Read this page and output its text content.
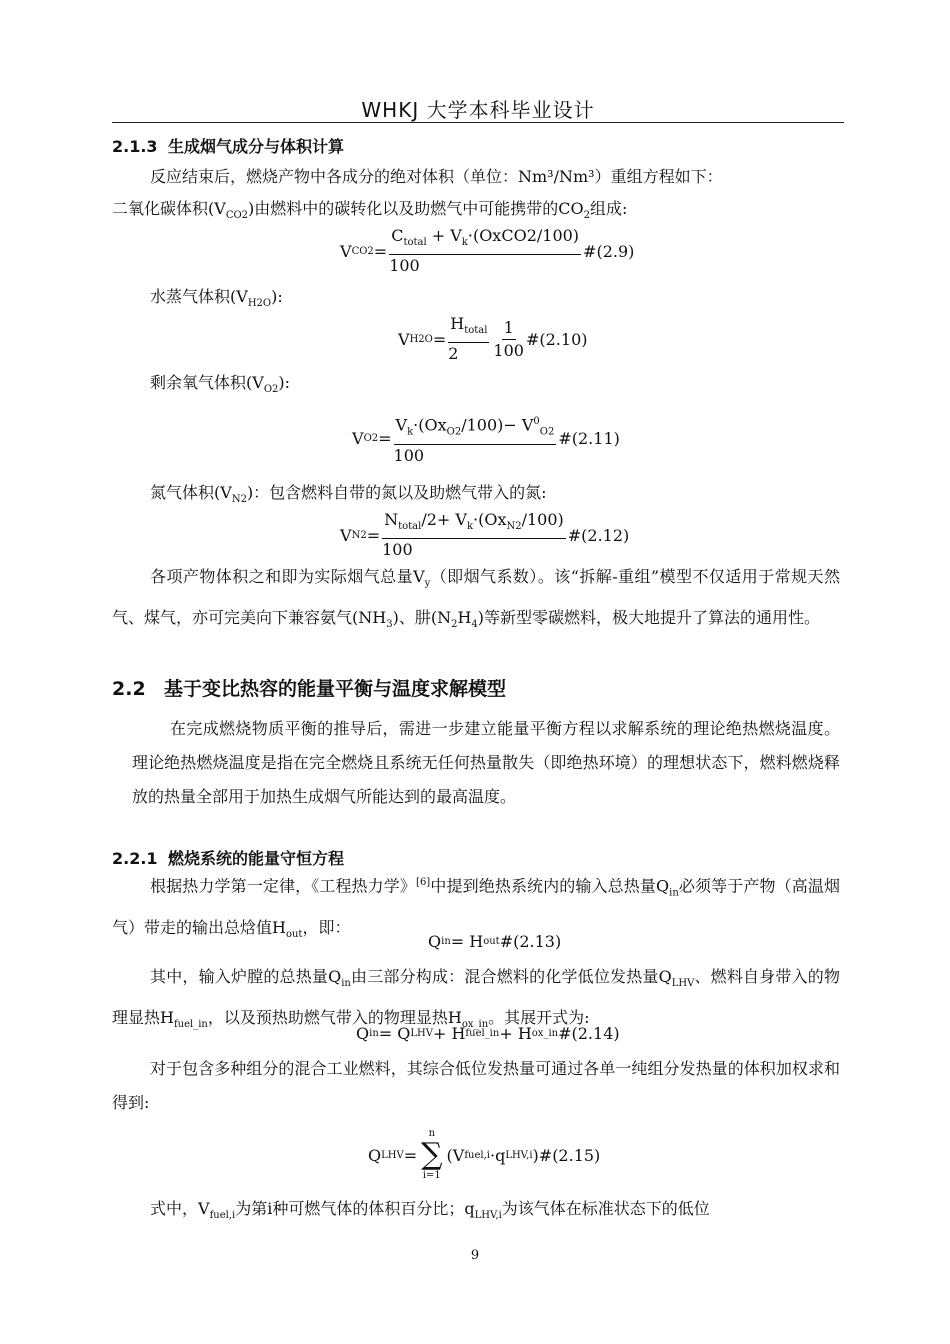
WHKJ 大学本科毕业设计
2.1.3 生成烟气成分与体积计算
反应结束后，燃烧产物中各成分的绝对体积（单位：Nm³/Nm³）重组方程如下：
二氧化碳体积$(V_{CO2})$由燃料中的碳转化以及助燃气中可能携带的$CO_2$组成:
V $CO2 = \frac{C_{total} + V_k\cdot(OxCO2/100)}{100}$ #(2.9)
水蒸气体积$(V_{H2O})$:
V $H2O = \frac{H_{total}}{2} \frac{1}{100}$ #(2.10)
剩余氧气体积$(V_{O2})$:
V $O2 = \frac{V_k\cdot(Ox_{O2}/100)- V^0_{O2}}{100}$ #(2.11)
氮气体积$(V_{N2})$：包含燃料自带的氮以及助燃气带入的氮:
V $N2 = \frac{N_{total}/2+ V_k\cdot(Ox_{N2}/100)}{100}$ #(2.12)
各项产物体积之和即为实际烟气总量$V_y$（即烟气系数）。该“拆解-重组”模型不仅适用于常规天然气、煤气，亦可完美向下兼容氨气$(NH_3)$、肼$(N_2H_4)$等新型零碳燃料，极大地提升了算法的通用性。
2.2 基于变比热容的能量平衡与温度求解模型
在完成燃烧物质平衡的推导后，需进一步建立能量平衡方程以求解系统的理论绝热燃烧温度。理论绝热燃烧温度是指在完全燃烧且系统无任何热量散失（即绝热环境）的理想状态下，燃料燃烧释放的热量全部用于加热生成烟气所能达到的最高温度。
2.2.1 燃烧系统的能量守恒方程
根据热力学第一定律，《工程热力学》[6]中提到绝热系统内的输入总热量$Q_{in}$必须等于产物（高温烟气）带走的输出总焓值$H_{out}$，即：
Q in = H out #(2.13)
其中，输入炉膛的总热量$Q_{in}$由三部分构成：混合燃料的化学低位发热量$Q_{LHV}$、燃料自身带入的物理显热$H_{fuel\_in}$，以及预热助燃气带入的物理显热$H_{ox\_in}$。其展开式为:
Q in = Q LHV + H fuel_in + H ox_in #(2.14)
对于包含多种组分的混合工业燃料，其综合低位发热量可通过各单一纯组分发热量的体积加权求和得到:
Q LHV =
n
∑
i=1
(V fuel,i ·q LHV,i ) #(2.15)
式中，$V_{fuel,i}$为第i种可燃气体的体积百分比；$q_{LHV,i}$为该气体在标准状态下的低位
9
